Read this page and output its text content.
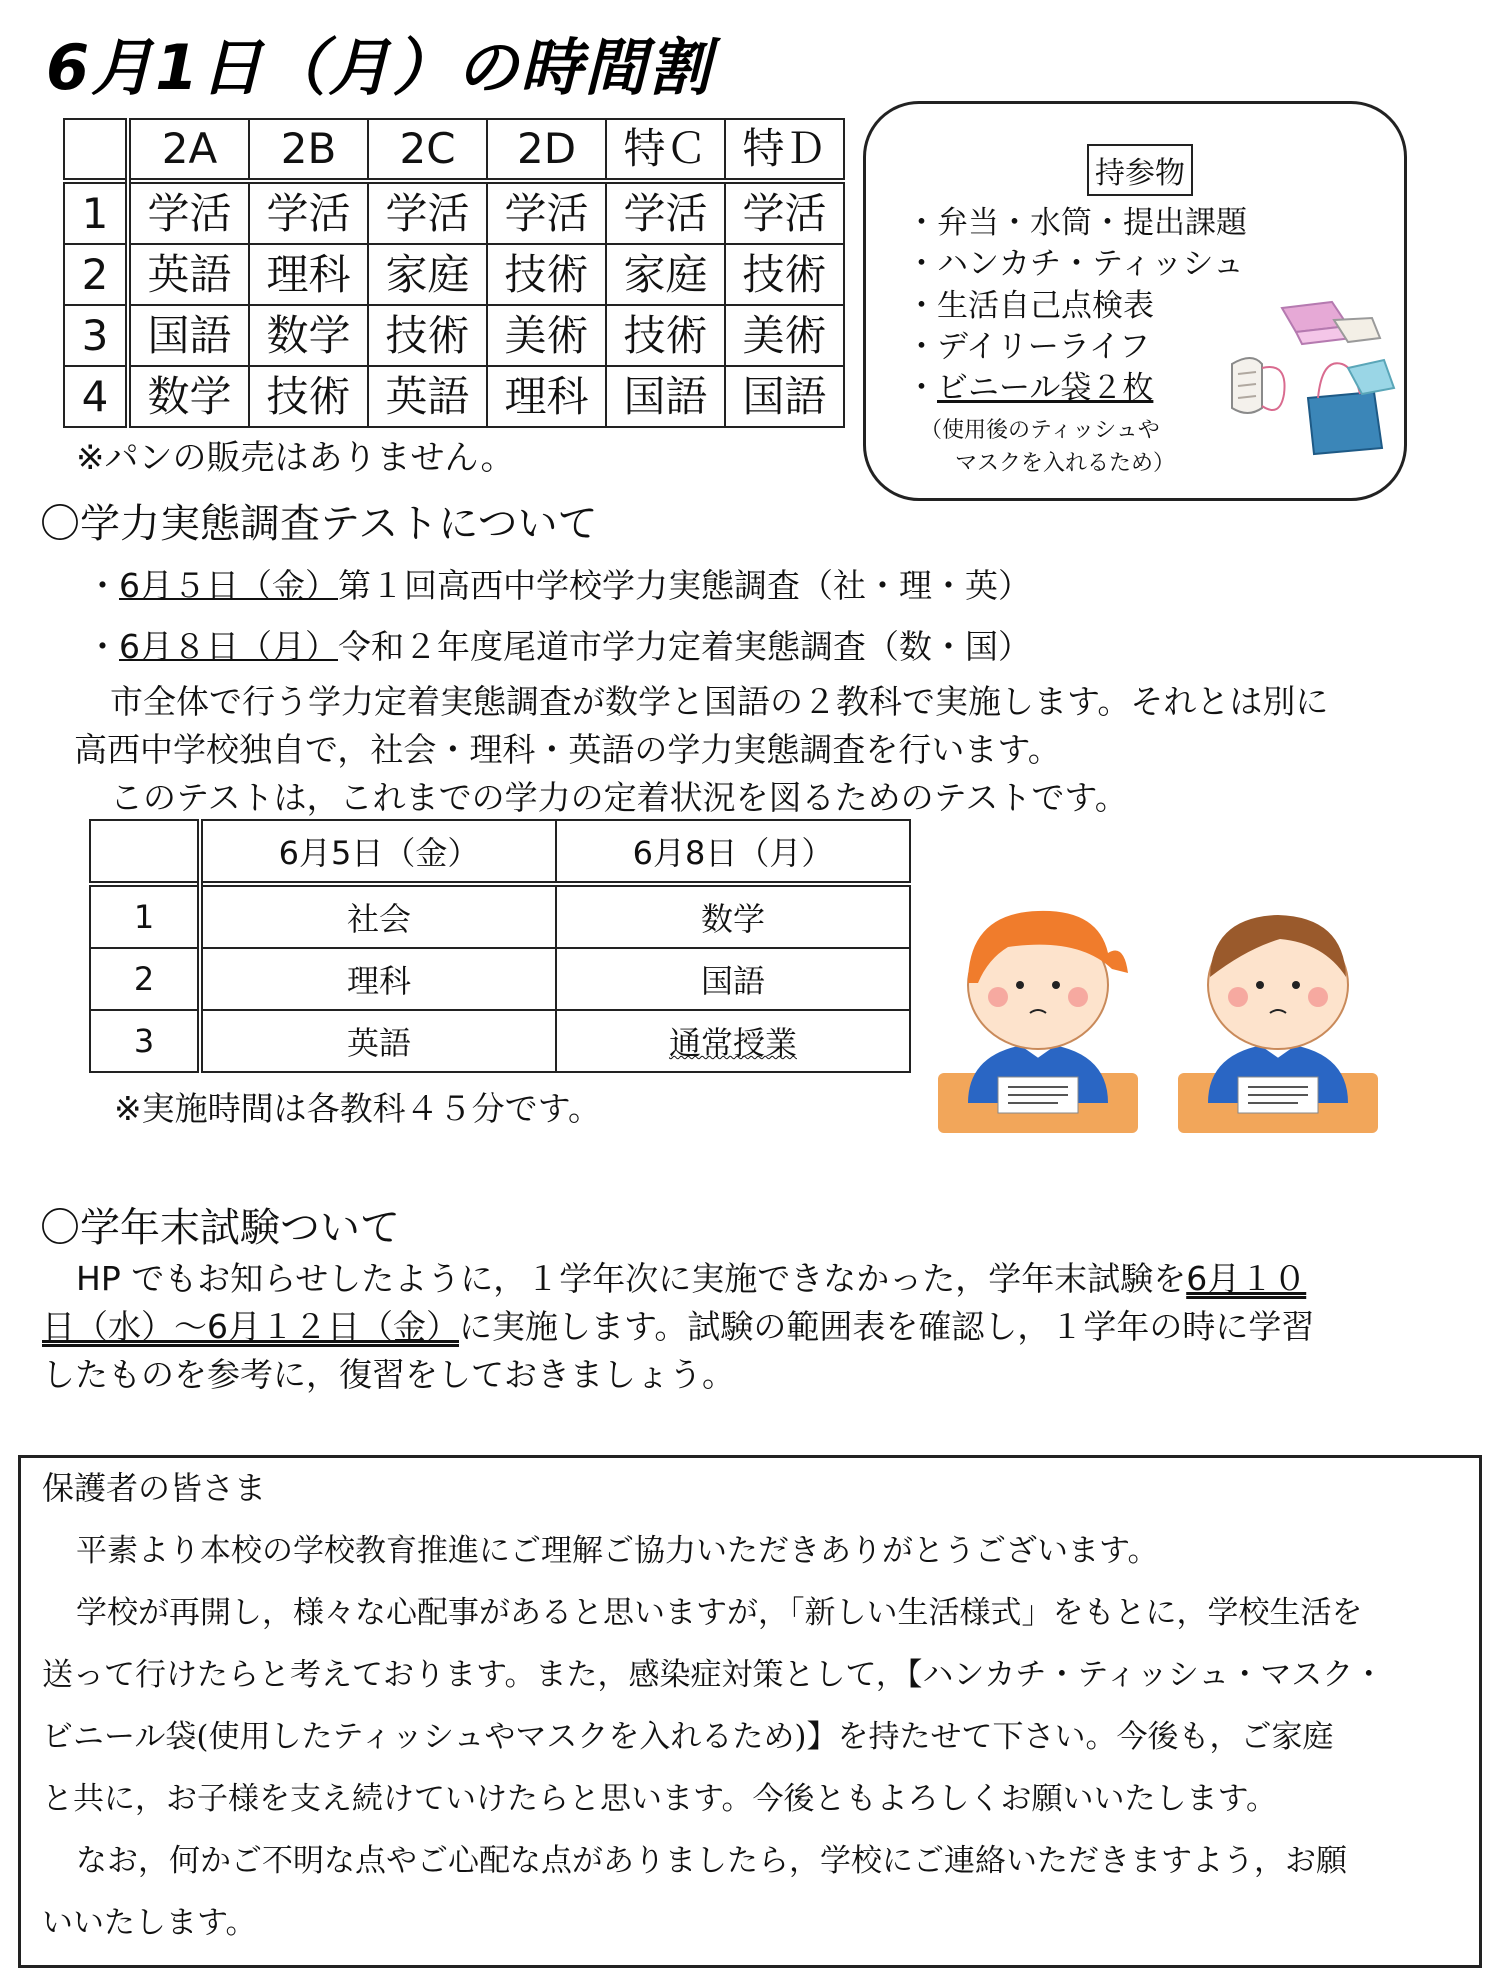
6月1日（月）の時間割
	2A	2B	2C	2D	特Ｃ	特Ｄ
1	学活	学活	学活	学活	学活	学活
2	英語	理科	家庭	技術	家庭	技術
3	国語	数学	技術	美術	技術	美術
4	数学	技術	英語	理科	国語	国語
※パンの販売はありません。
持参物
・弁当・水筒・提出課題
・ハンカチ・ティッシュ
・生活自己点検表
・デイリーライフ
・ビニール袋２枚
（使用後のティッシュや
マスクを入れるため）
〇学力実態調査テストについて
・6月５日（金）第１回高西中学校学力実態調査（社・理・英）
・6月８日（月）令和２年度尾道市学力定着実態調査（数・国）
市全体で行う学力定着実態調査が数学と国語の２教科で実施します。それとは別に
高西中学校独自で，社会・理科・英語の学力実態調査を行います。
このテストは，これまでの学力の定着状況を図るためのテストです。
	6月5日（金）	6月8日（月）
1	社会	数学
2	理科	国語
3	英語	通常授業
※実施時間は各教科４５分です。
〇学年末試験ついて
HP でもお知らせしたように，１学年次に実施できなかった，学年末試験を6月１０
日（水）～6月１２日（金）に実施します。試験の範囲表を確認し，１学年の時に学習
したものを参考に，復習をしておきましょう。
保護者の皆さま
平素より本校の学校教育推進にご理解ご協力いただきありがとうございます。
学校が再開し，様々な心配事があると思いますが，「新しい生活様式」をもとに，学校生活を
送って行けたらと考えております。また，感染症対策として，【ハンカチ・ティッシュ・マスク・
ビニール袋(使用したティッシュやマスクを入れるため)】を持たせて下さい。今後も，ご家庭
と共に，お子様を支え続けていけたらと思います。今後ともよろしくお願いいたします。
なお，何かご不明な点やご心配な点がありましたら，学校にご連絡いただきますよう，お願
いいたします。
